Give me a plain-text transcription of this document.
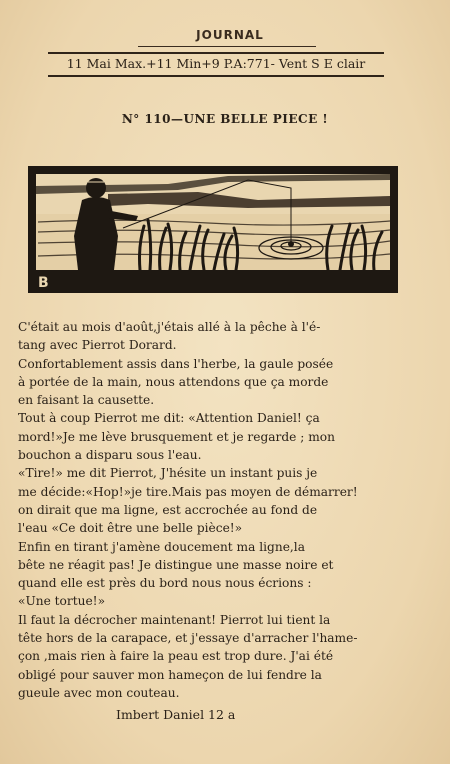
JOURNAL
11 Mai Max.+11 Min+9 P.A:771- Vent S E clair
N° 110—UNE BELLE PIECE !
B
C'était au mois d'août,j'étais allé à la pêche à l'é-
tang avec Pierrot Dorard.
Confortablement assis dans l'herbe, la gaule posée
à portée de la main, nous attendons que ça morde
en faisant la causette.
Tout à coup Pierrot me dit: «Attention Daniel! ça
mord!»Je me lève brusquement et je regarde ; mon
bouchon a disparu sous l'eau.
«Tire!» me dit Pierrot, J'hésite un instant puis je
me décide:«Hop!»je tire.Mais pas moyen de démarrer!
on dirait que ma ligne, est accrochée au fond de
l'eau «Ce doit être une belle pièce!»
Enfin en tirant j'amène doucement ma ligne,la
bête ne réagit pas! Je distingue une masse noire et
quand elle est près du bord nous nous écrions :
«Une tortue!»
Il faut la décrocher maintenant! Pierrot lui tient la
tête hors de la carapace, et j'essaye d'arracher l'hame-
çon ,mais rien à faire la peau est trop dure. J'ai été
obligé pour sauver mon hameçon de lui fendre la
gueule avec mon couteau.
Imbert Daniel 12 a
